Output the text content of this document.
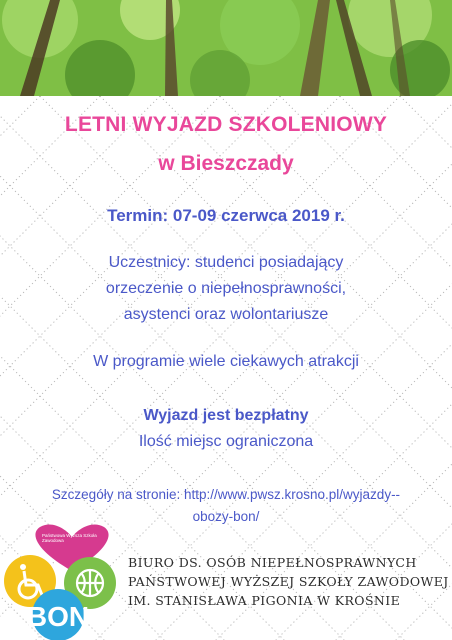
LETNI WYJAZD SZKOLENIOWY
w Bieszczady
Termin: 07-09 czerwca 2019 r.
Uczestnicy: studenci posiadający
orzeczenie o niepełnosprawności,
asystenci oraz wolontariusze
W programie wiele ciekawych atrakcji
Wyjazd jest bezpłatny
Ilość miejsc ograniczona
Szczegóły na stronie: http://www.pwsz.krosno.pl/wyjazdy--
obozy-bon/
BON
Państwowa Wyższa Szkoła Zawodowa
BIURO DS. OSÓB NIEPEŁNOSPRAWNYCH
PAŃSTWOWEJ WYŻSZEJ SZKOŁY ZAWODOWEJ
IM. STANISŁAWA PIGONIA W KROŚNIE
